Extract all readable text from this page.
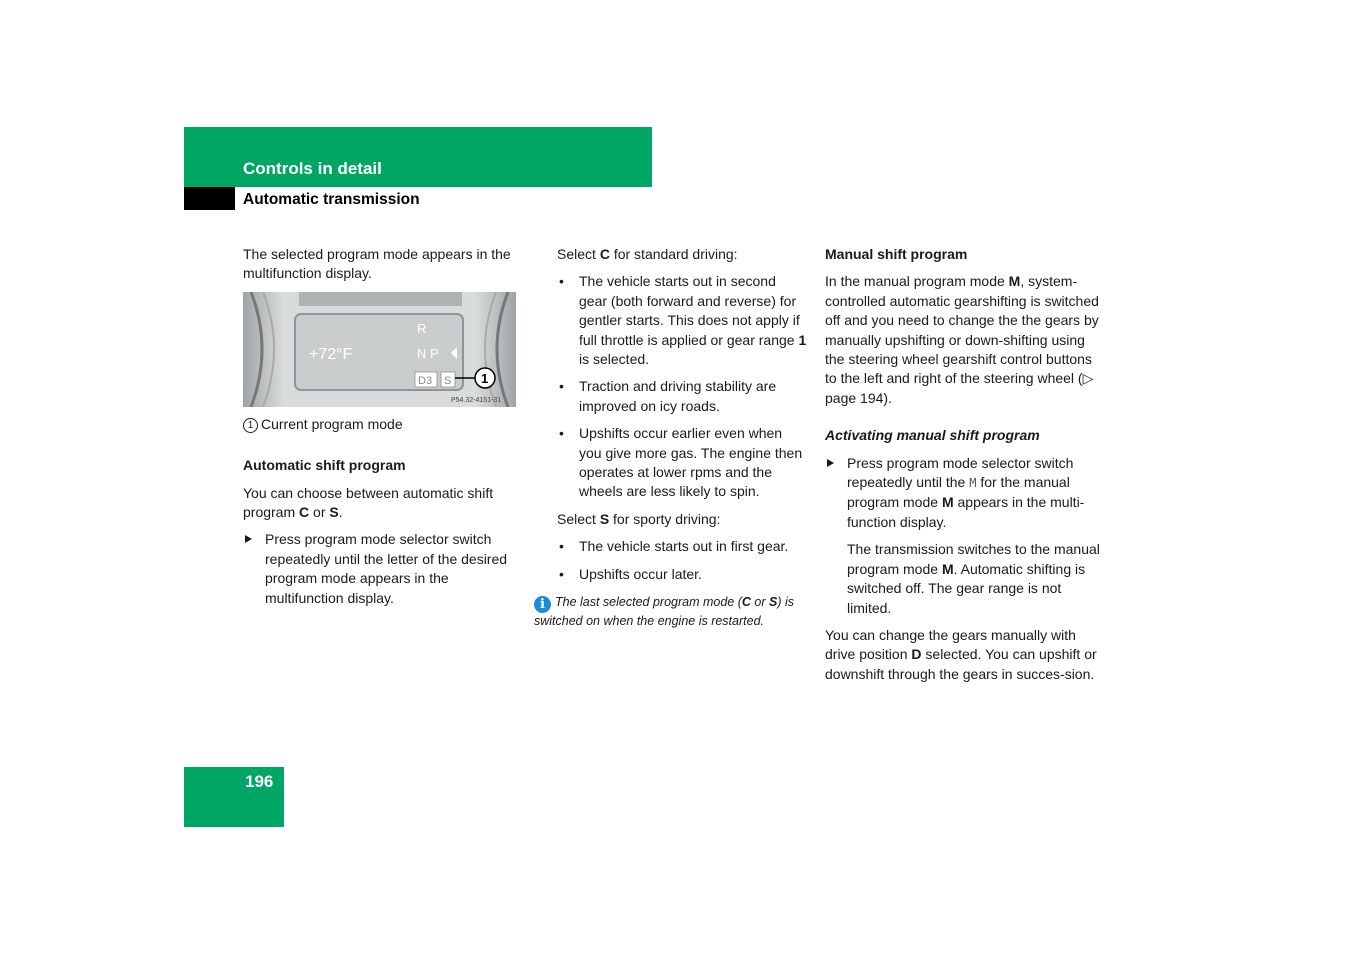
Controls in detail
Automatic transmission

The selected program mode appears in the multifunction display.

+72°F
R
N P
D3 S 1
P54.32-4151-31

1 Current program mode

Automatic shift program

You can choose between automatic shift program C or S.

Press program mode selector switch repeatedly until the letter of the desired program mode appears in the multifunction display.

Select C for standard driving:

• The vehicle starts out in second gear (both forward and reverse) for gentler starts. This does not apply if full throttle is applied or gear range 1 is selected.
• Traction and driving stability are improved on icy roads.
• Upshifts occur earlier even when you give more gas. The engine then operates at lower rpms and the wheels are less likely to spin.

Select S for sporty driving:

• The vehicle starts out in first gear.
• Upshifts occur later.
i The last selected program mode (C or S) is switched on when the engine is restarted.

Manual shift program

In the manual program mode M, system-controlled automatic gearshifting is switched off and you need to change the the gears by manually upshifting or down-shifting using the steering wheel gearshift control buttons to the left and right of the steering wheel (▷ page 194).

Activating manual shift program

Press program mode selector switch repeatedly until the M for the manual program mode M appears in the multi-function display.

The transmission switches to the manual program mode M. Automatic shifting is switched off. The gear range is not limited.

You can change the gears manually with drive position D selected. You can upshift or downshift through the gears in succes-sion.

196
